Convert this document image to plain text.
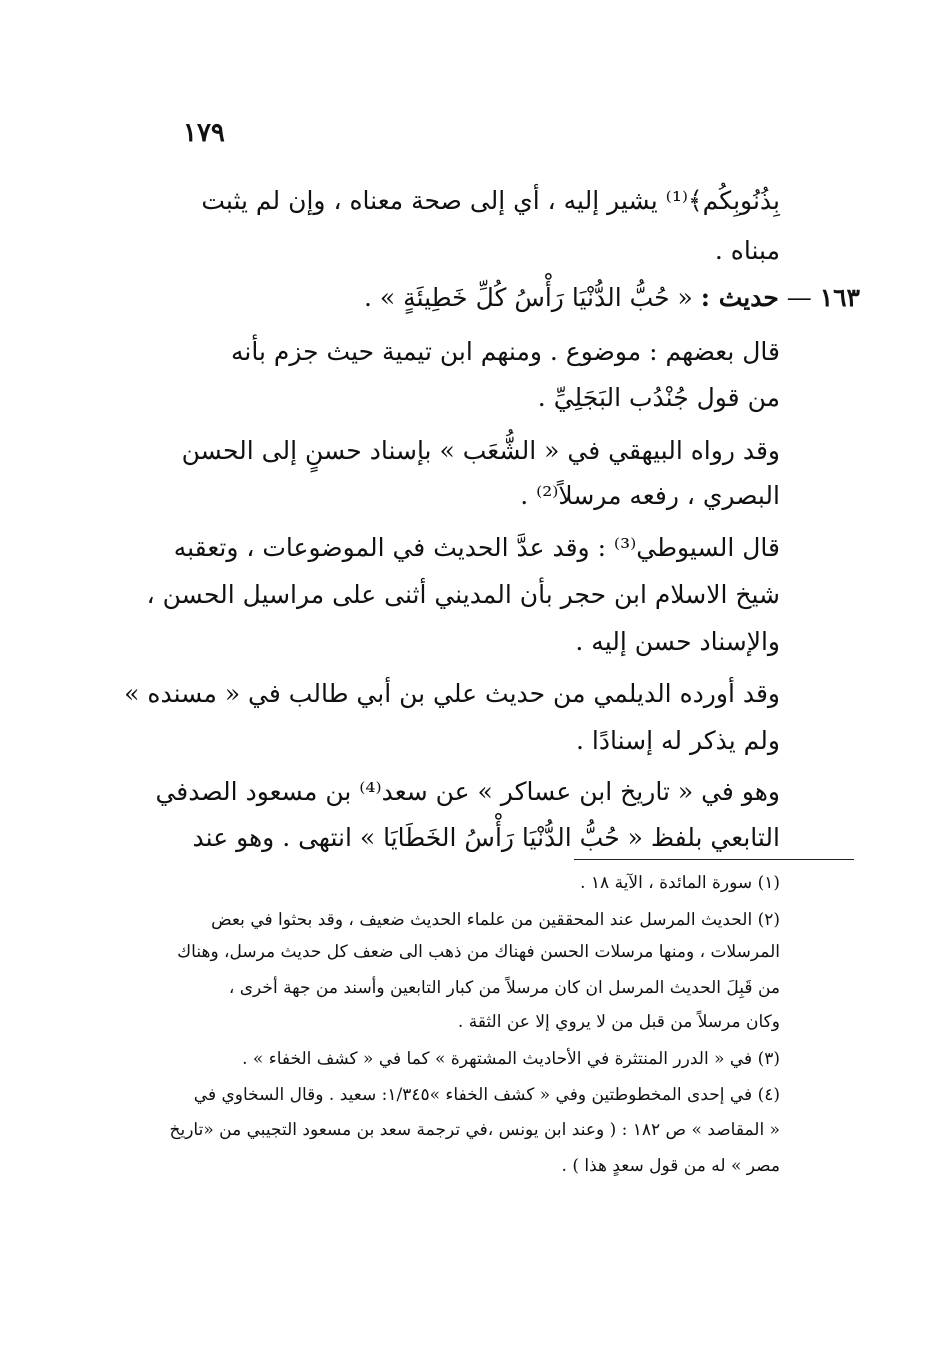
١٧٩
بِذُنُوبِكُم﴾⁽¹⁾ يشير إليه ، أي إلى صحة معناه ، وإن لم يثبت
مبناه .
١٦٣ — حديث : « حُبُّ الدُّنْيَا رَأْسُ كُلِّ خَطِيئَةٍ » .
قال بعضهم : موضوع . ومنهم ابن تيمية حيث جزم بأنه
من قول جُنْدُب البَجَلِيِّ .
وقد رواه البيهقي في « الشُّعَب » بإسناد حسنٍ إلى الحسن
البصري ، رفعه مرسلاً⁽²⁾ .
قال السيوطي⁽³⁾ : وقد عدَّ الحديث في الموضوعات ، وتعقبه
شيخ الاسلام ابن حجر بأن المديني أثنى على مراسيل الحسن ،
والإسناد حسن إليه .
وقد أورده الديلمي من حديث علي بن أبي طالب في « مسنده »
ولم يذكر له إسنادًا .
وهو في « تاريخ ابن عساكر » عن سعد⁽⁴⁾ بن مسعود الصدفي
التابعي بلفظ « حُبُّ الدُّنْيَا رَأْسُ الخَطَايَا » انتهى . وهو عند
(١) سورة المائدة ، الآية ١٨ .
(٢) الحديث المرسل عند المحققين من علماء الحديث ضعيف ، وقد بحثوا في بعض
المرسلات ، ومنها مرسلات الحسن فهناك من ذهب الى ضعف كل حديث مرسل، وهناك
من قَبِلَ الحديث المرسل ان كان مرسلاً من كبار التابعين وأسند من جهة أخرى ،
وكان مرسلاً من قبل من لا يروي إلا عن الثقة .
(٣) في « الدرر المنتثرة في الأحاديث المشتهرة » كما في « كشف الخفاء » .
(٤) في إحدى المخطوطتين وفي « كشف الخفاء »١/٣٤٥: سعيد . وقال السخاوي في
« المقاصد » ص ١٨٢ : ( وعند ابن يونس ،في ترجمة سعد بن مسعود التجيبي من «تاريخ
مصر » له من قول سعدٍ هذا ) .
